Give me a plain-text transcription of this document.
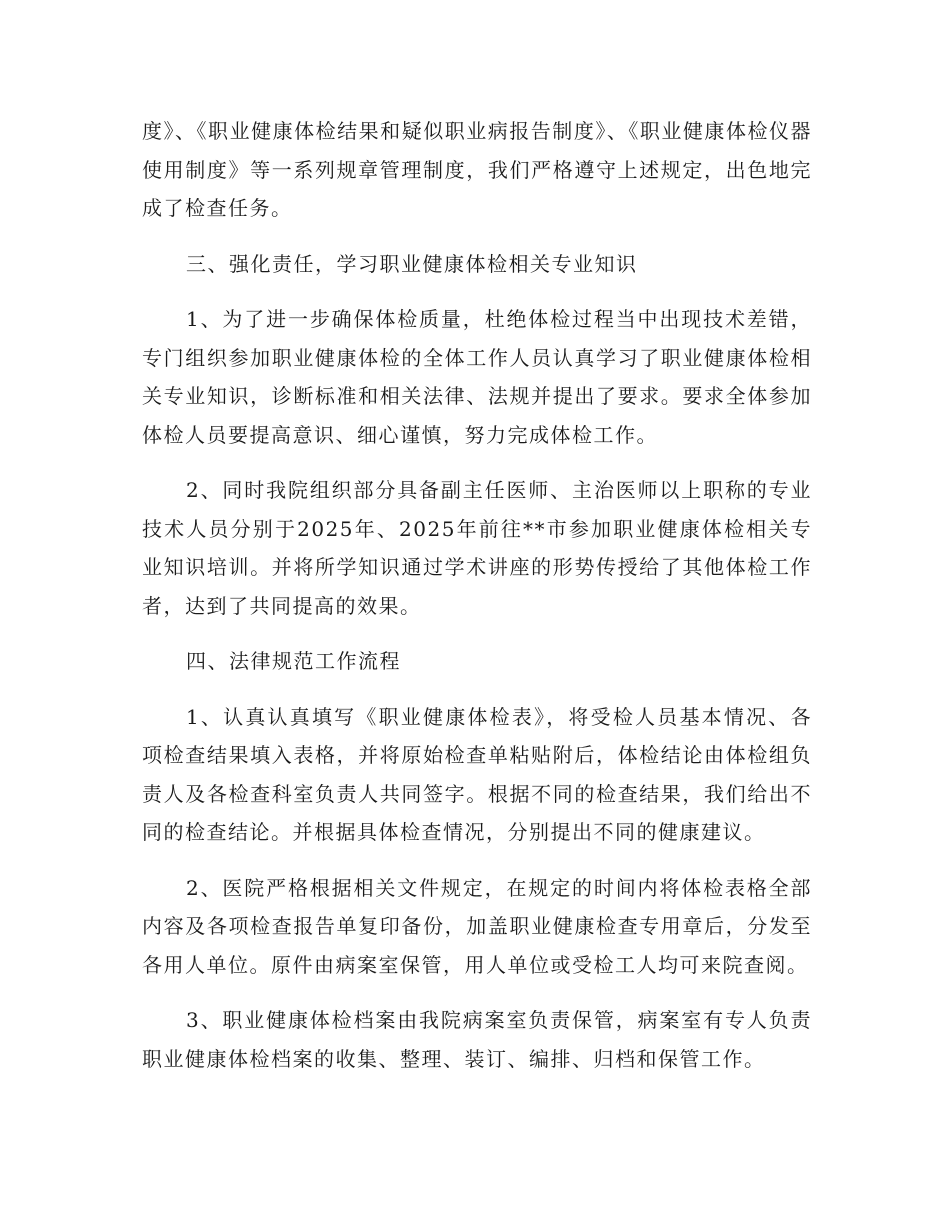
度》、《职业健康体检结果和疑似职业病报告制度》、《职业健康体检仪器使用制度》等一系列规章管理制度，我们严格遵守上述规定，出色地完成了检查任务。

三、强化责任，学习职业健康体检相关专业知识

1、为了进一步确保体检质量，杜绝体检过程当中出现技术差错，专门组织参加职业健康体检的全体工作人员认真学习了职业健康体检相关专业知识，诊断标准和相关法律、法规并提出了要求。要求全体参加体检人员要提高意识、细心谨慎，努力完成体检工作。

2、同时我院组织部分具备副主任医师、主治医师以上职称的专业技术人员分别于2025年、2025年前往**市参加职业健康体检相关专业知识培训。并将所学知识通过学术讲座的形势传授给了其他体检工作者，达到了共同提高的效果。

四、法律规范工作流程

1、认真认真填写《职业健康体检表》，将受检人员基本情况、各项检查结果填入表格，并将原始检查单粘贴附后，体检结论由体检组负责人及各检查科室负责人共同签字。根据不同的检查结果，我们给出不同的检查结论。并根据具体检查情况，分别提出不同的健康建议。

2、医院严格根据相关文件规定，在规定的时间内将体检表格全部内容及各项检查报告单复印备份，加盖职业健康检查专用章后，分发至各用人单位。原件由病案室保管，用人单位或受检工人均可来院查阅。

3、职业健康体检档案由我院病案室负责保管，病案室有专人负责职业健康体检档案的收集、整理、装订、编排、归档和保管工作。
